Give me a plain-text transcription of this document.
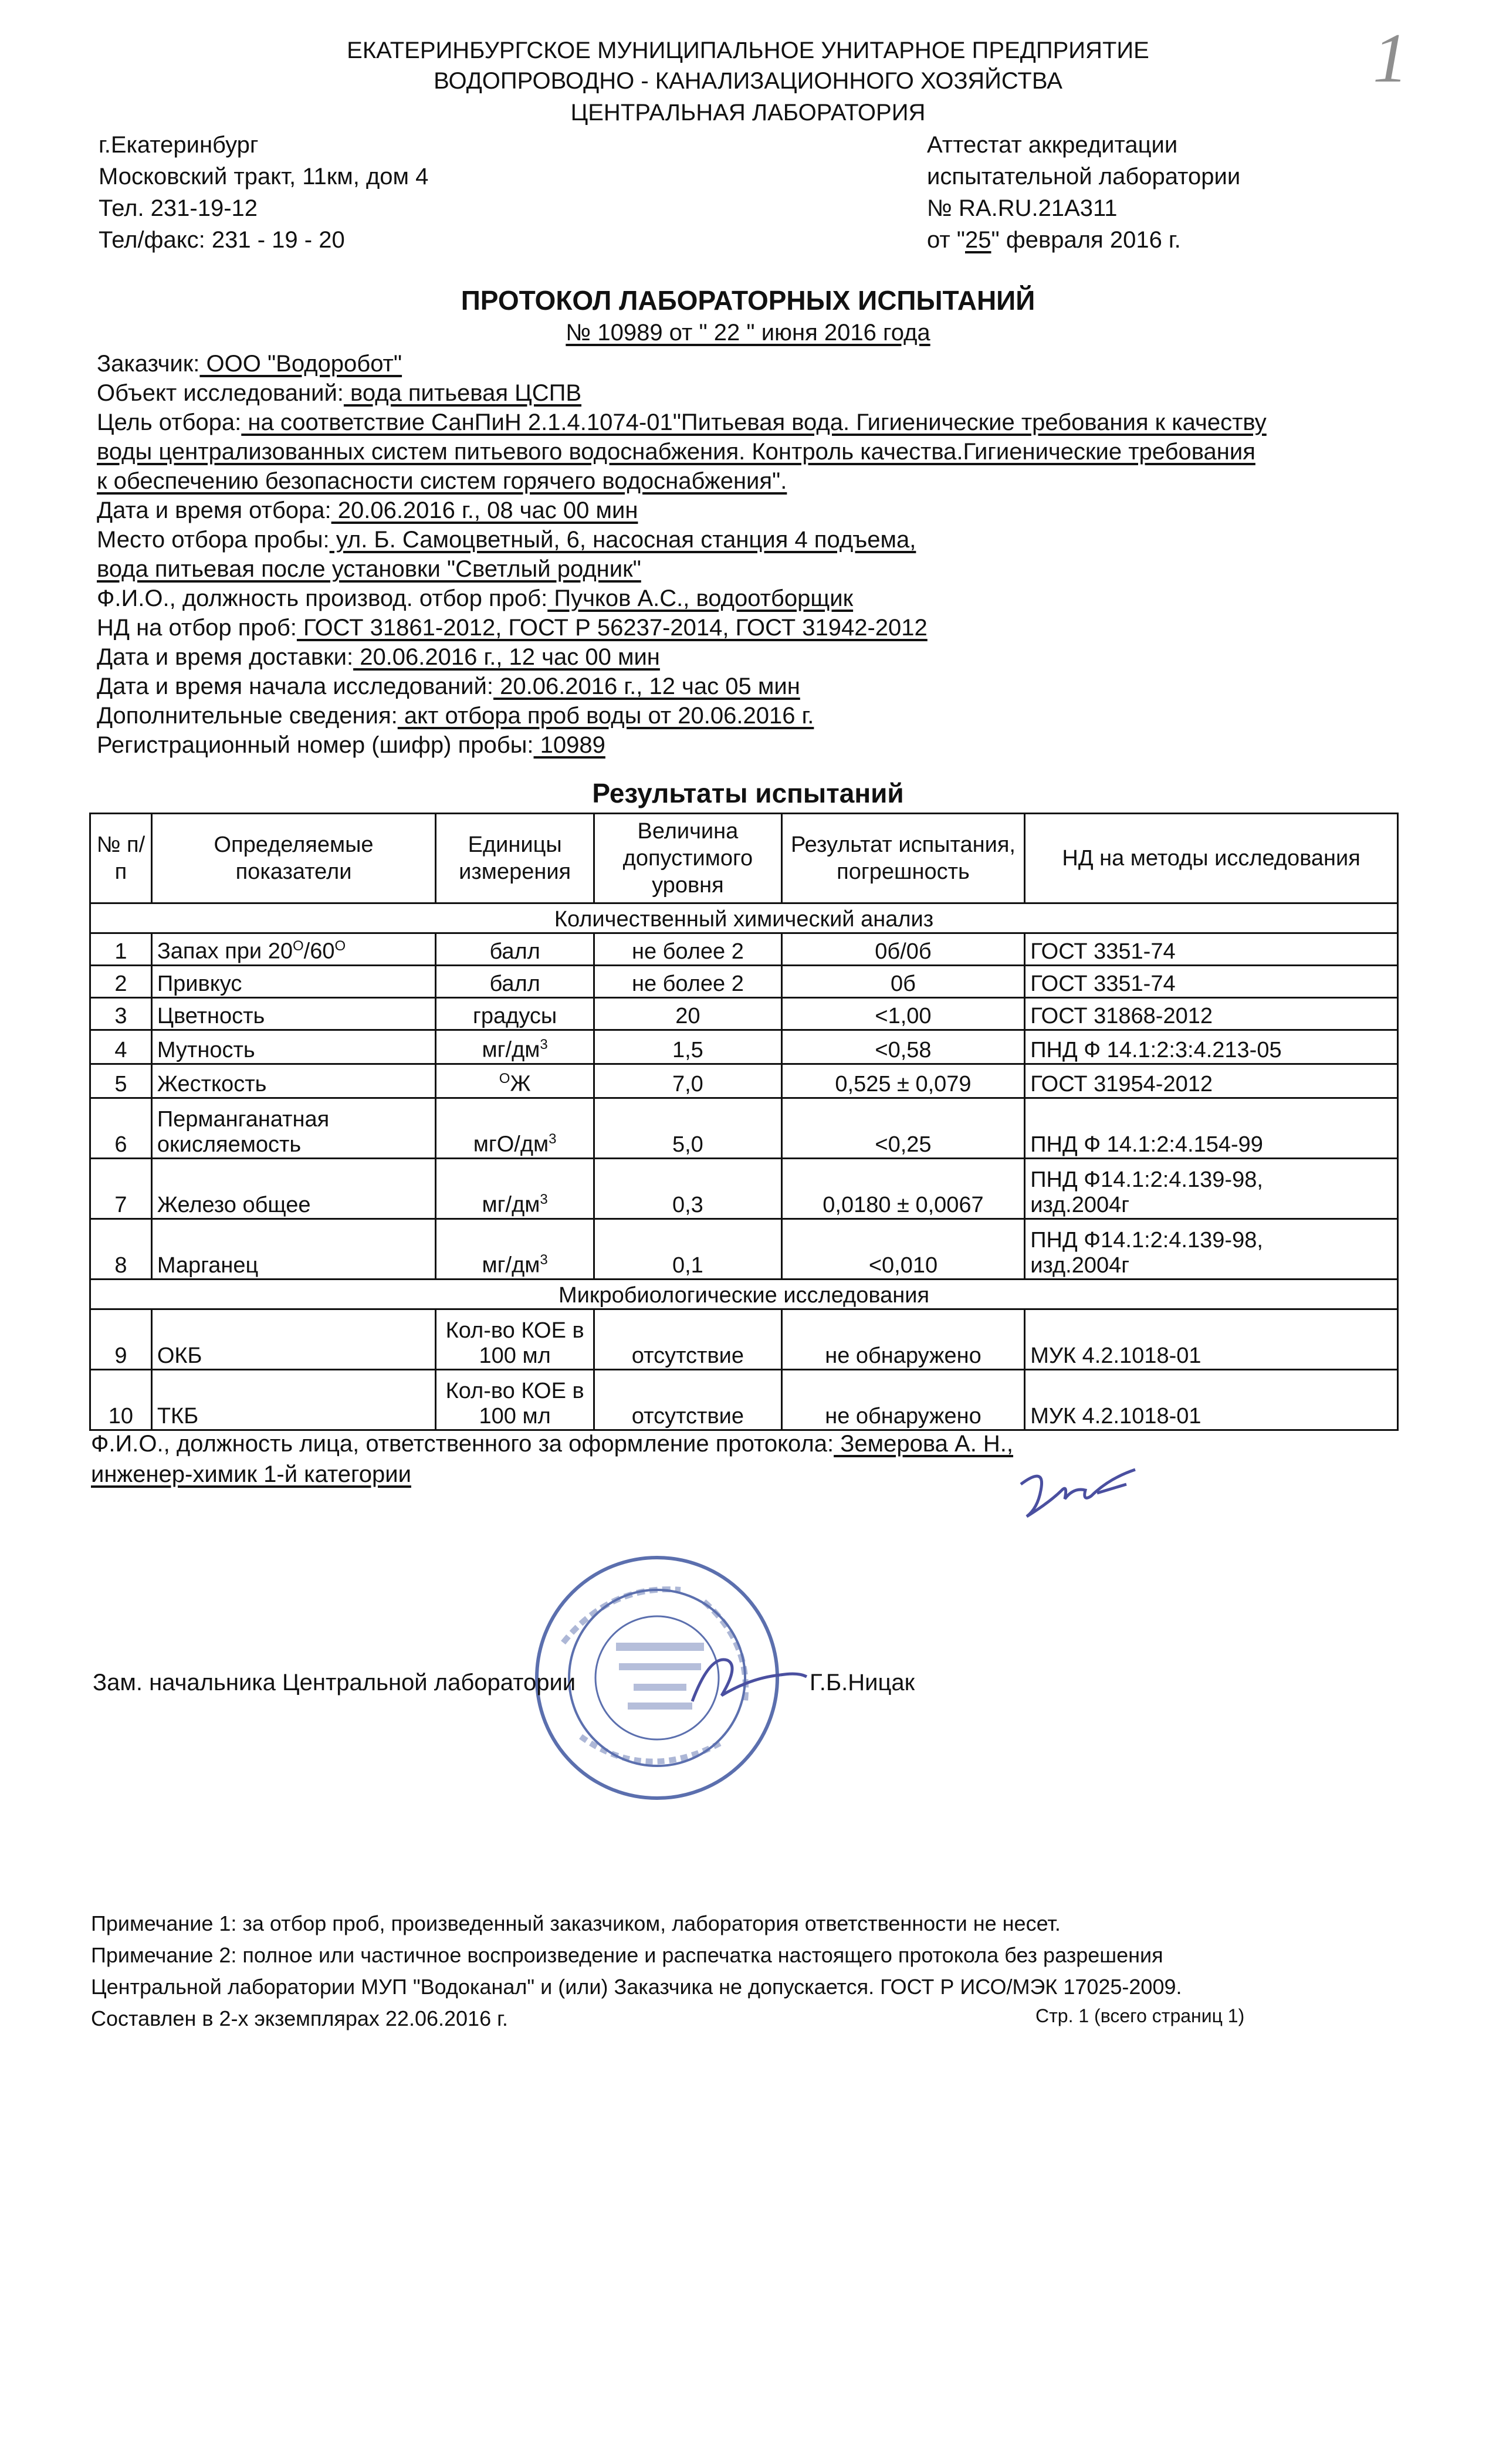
ЕКАТЕРИНБУРГСКОЕ МУНИЦИПАЛЬНОЕ УНИТАРНОЕ ПРЕДПРИЯТИЕ
ВОДОПРОВОДНО - КАНАЛИЗАЦИОННОГО ХОЗЯЙСТВА
ЦЕНТРАЛЬНАЯ ЛАБОРАТОРИЯ
1
г.Екатеринбург
Московский тракт, 11км, дом 4
Тел. 231-19-12
Тел/факс: 231 - 19 - 20
Аттестат аккредитации
испытательной лаборатории
№ RA.RU.21А311
от "25" февраля 2016 г.
ПРОТОКОЛ ЛАБОРАТОРНЫХ ИСПЫТАНИЙ
№ 10989 от " 22 " июня 2016 года
Заказчик: ООО "Водоробот"
Объект исследований: вода питьевая ЦСПВ
Цель отбора: на соответствие СанПиН 2.1.4.1074-01"Питьевая вода. Гигиенические требования к качеству
воды централизованных систем питьевого водоснабжения. Контроль качества.Гигиенические требования
к обеспечению безопасности систем горячего водоснабжения".
Дата и время отбора: 20.06.2016 г., 08 час 00 мин
Место отбора пробы: ул. Б. Самоцветный, 6, насосная станция 4 подъема,
вода питьевая после установки "Светлый родник"
Ф.И.О., должность производ. отбор проб: Пучков А.С., водоотборщик
НД на отбор проб: ГОСТ 31861-2012, ГОСТ Р 56237-2014, ГОСТ 31942-2012
Дата и время доставки: 20.06.2016 г., 12 час 00 мин
Дата и время начала исследований: 20.06.2016 г., 12 час 05 мин
Дополнительные сведения: акт отбора проб воды от 20.06.2016 г.
Регистрационный номер (шифр) пробы: 10989
Результаты испытаний
№ п/п	Определяемые показатели	Единицы измерения	Величина допустимого уровня	Результат испытания, погрешность	НД на методы исследования
Количественный химический анализ					
1	Запах при $20^О/60^О$	балл	не более 2	0б/0б	ГОСТ 3351-74
2	Привкус	балл	не более 2	0б	ГОСТ 3351-74
3	Цветность	градусы	20	<1,00	ГОСТ 31868-2012
4	Мутность	$мг/дм^3$	1,5	<0,58	ПНД Ф 14.1:2:3:4.213-05
5	Жесткость	$^О$Ж	7,0	0,525 ± 0,079	ГОСТ 31954-2012
6	Перманганатная
окисляемость	мгО/$дм^3$	5,0	<0,25	ПНД Ф 14.1:2:4.154-99
7	Железо общее	$мг/дм^3$	0,3	0,0180 ± 0,0067	ПНД Ф14.1:2:4.139-98,
изд.2004г

8	Марганец	$мг/дм^3$	0,1	<0,010	ПНД Ф14.1:2:4.139-98,
изд.2004г

Микробиологические исследования					
9	ОКБ	Кол-во КОЕ в
100 мл	отсутствие	не обнаружено	МУК 4.2.1018-01
10	ТКБ	Кол-во КОЕ в
100 мл	отсутствие	не обнаружено	МУК 4.2.1018-01
Ф.И.О., должность лица, ответственного за оформление протокола: Земерова А. Н.,
инженер-химик 1-й категории
Зам. начальника Центральной лаборатории	Г.Б.Ницак
Примечание 1: за отбор проб, произведенный заказчиком, лаборатория ответственности не несет.
Примечание 2: полное или частичное воспроизведение и распечатка настоящего протокола без разрешения
Центральной лаборатории МУП "Водоканал" и (или) Заказчика не допускается. ГОСТ Р ИСО/МЭК 17025-2009.
Составлен в 2-х экземплярах 22.06.2016 г.	Стр. 1 (всего страниц 1)
